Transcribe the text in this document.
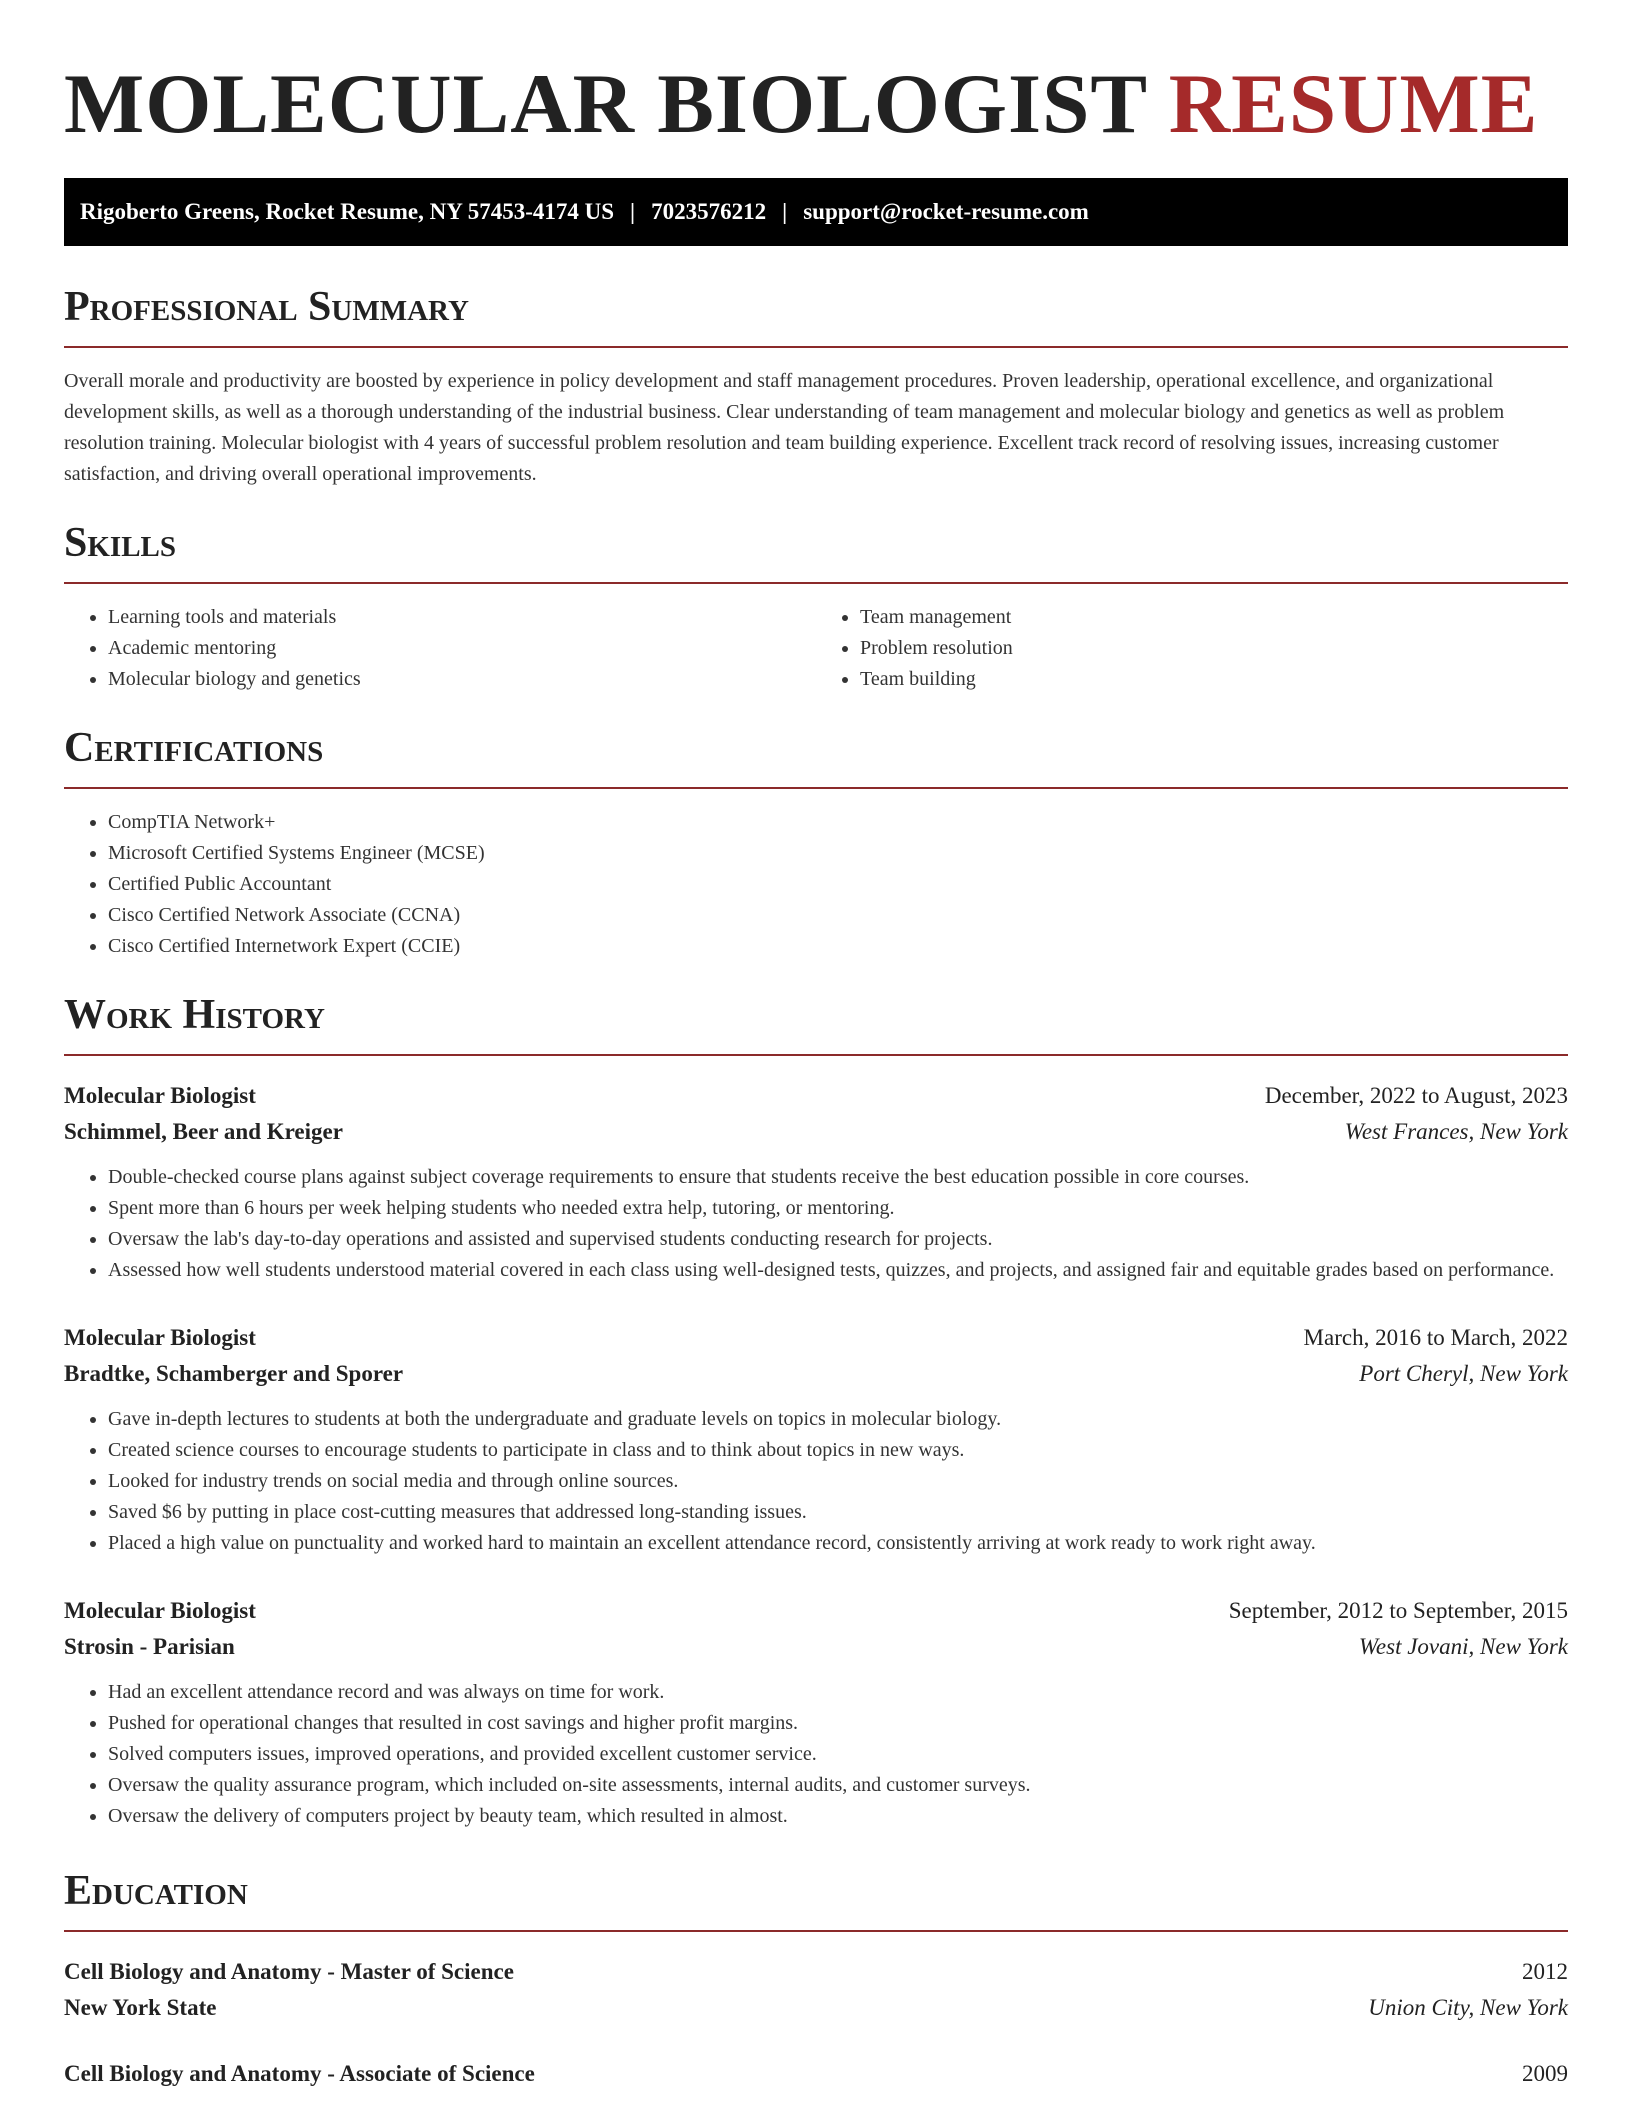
MOLECULAR BIOLOGIST RESUME
Rigoberto Greens, Rocket Resume, NY 57453-4174 US | 7023576212 | support@rocket-resume.com
Professional Summary

Overall morale and productivity are boosted by experience in policy development and staff management procedures. Proven leadership, operational excellence, and organizational development skills, as well as a thorough understanding of the industrial business. Clear understanding of team management and molecular biology and genetics as well as problem resolution training. Molecular biologist with 4 years of successful problem resolution and team building experience. Excellent track record of resolving issues, increasing customer satisfaction, and driving overall operational improvements.

Skills
• Learning tools and materials
• Academic mentoring
• Molecular biology and genetics
• Team management
• Problem resolution
• Team building
Certifications
• CompTIA Network+
• Microsoft Certified Systems Engineer (MCSE)
• Certified Public Accountant
• Cisco Certified Network Associate (CCNA)
• Cisco Certified Internetwork Expert (CCIE)
Work History
Molecular Biologist	December, 2022 to August, 2023
Schimmel, Beer and Kreiger	West Frances, New York
• Double-checked course plans against subject coverage requirements to ensure that students receive the best education possible in core courses.
• Spent more than 6 hours per week helping students who needed extra help, tutoring, or mentoring.
• Oversaw the lab's day-to-day operations and assisted and supervised students conducting research for projects.
• Assessed how well students understood material covered in each class using well-designed tests, quizzes, and projects, and assigned fair and equitable grades based on performance.
Molecular Biologist	March, 2016 to March, 2022
Bradtke, Schamberger and Sporer	Port Cheryl, New York
• Gave in-depth lectures to students at both the undergraduate and graduate levels on topics in molecular biology.
• Created science courses to encourage students to participate in class and to think about topics in new ways.
• Looked for industry trends on social media and through online sources.
• Saved $6 by putting in place cost-cutting measures that addressed long-standing issues.
• Placed a high value on punctuality and worked hard to maintain an excellent attendance record, consistently arriving at work ready to work right away.
Molecular Biologist	September, 2012 to September, 2015
Strosin - Parisian	West Jovani, New York
• Had an excellent attendance record and was always on time for work.
• Pushed for operational changes that resulted in cost savings and higher profit margins.
• Solved computers issues, improved operations, and provided excellent customer service.
• Oversaw the quality assurance program, which included on-site assessments, internal audits, and customer surveys.
• Oversaw the delivery of computers project by beauty team, which resulted in almost.
Education
Cell Biology and Anatomy - Master of Science	2012
New York State	Union City, New York
Cell Biology and Anatomy - Associate of Science	2009
